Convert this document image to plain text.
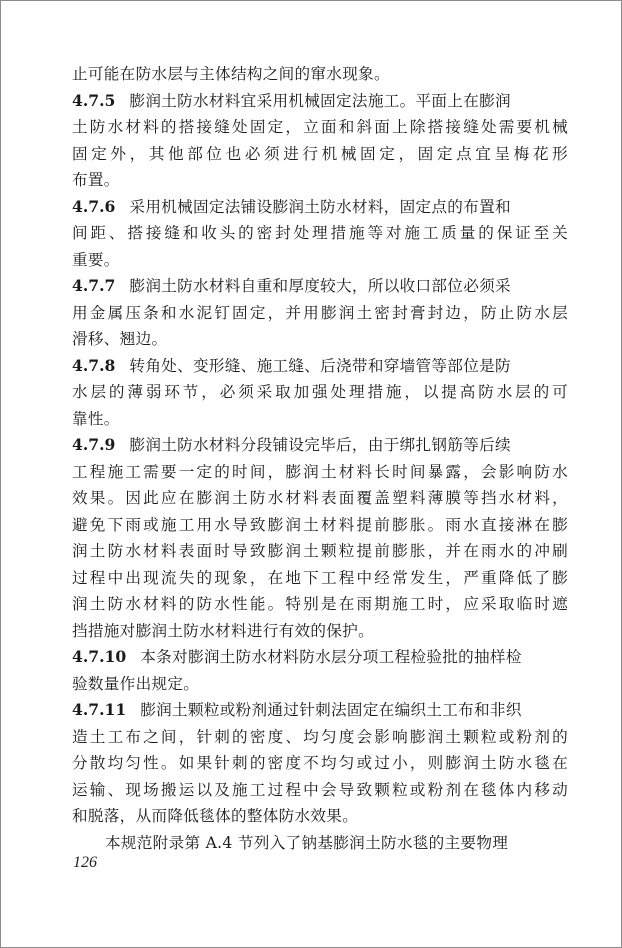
止可能在防水层与主体结构之间的窜水现象。
4.7.5 膨润土防水材料宜采用机械固定法施工。平面上在膨润
土防水材料的搭接缝处固定，立面和斜面上除搭接缝处需要机械
固定外，其他部位也必须进行机械固定，固定点宜呈梅花形
布置。
4.7.6 采用机械固定法铺设膨润土防水材料，固定点的布置和
间距、搭接缝和收头的密封处理措施等对施工质量的保证至关
重要。
4.7.7 膨润土防水材料自重和厚度较大，所以收口部位必须采
用金属压条和水泥钉固定，并用膨润土密封膏封边，防止防水层
滑移、翘边。
4.7.8 转角处、变形缝、施工缝、后浇带和穿墙管等部位是防
水层的薄弱环节，必须采取加强处理措施，以提高防水层的可
靠性。
4.7.9 膨润土防水材料分段铺设完毕后，由于绑扎钢筋等后续
工程施工需要一定的时间，膨润土材料长时间暴露，会影响防水
效果。因此应在膨润土防水材料表面覆盖塑料薄膜等挡水材料，
避免下雨或施工用水导致膨润土材料提前膨胀。雨水直接淋在膨
润土防水材料表面时导致膨润土颗粒提前膨胀，并在雨水的冲刷
过程中出现流失的现象，在地下工程中经常发生，严重降低了膨
润土防水材料的防水性能。特别是在雨期施工时，应采取临时遮
挡措施对膨润土防水材料进行有效的保护。
4.7.10 本条对膨润土防水材料防水层分项工程检验批的抽样检
验数量作出规定。
4.7.11 膨润土颗粒或粉剂通过针刺法固定在编织土工布和非织
造土工布之间，针刺的密度、均匀度会影响膨润土颗粒或粉剂的
分散均匀性。如果针刺的密度不均匀或过小，则膨润土防水毯在
运输、现场搬运以及施工过程中会导致颗粒或粉剂在毯体内移动
和脱落，从而降低毯体的整体防水效果。
本规范附录第 A.4 节列入了钠基膨润土防水毯的主要物理
126
